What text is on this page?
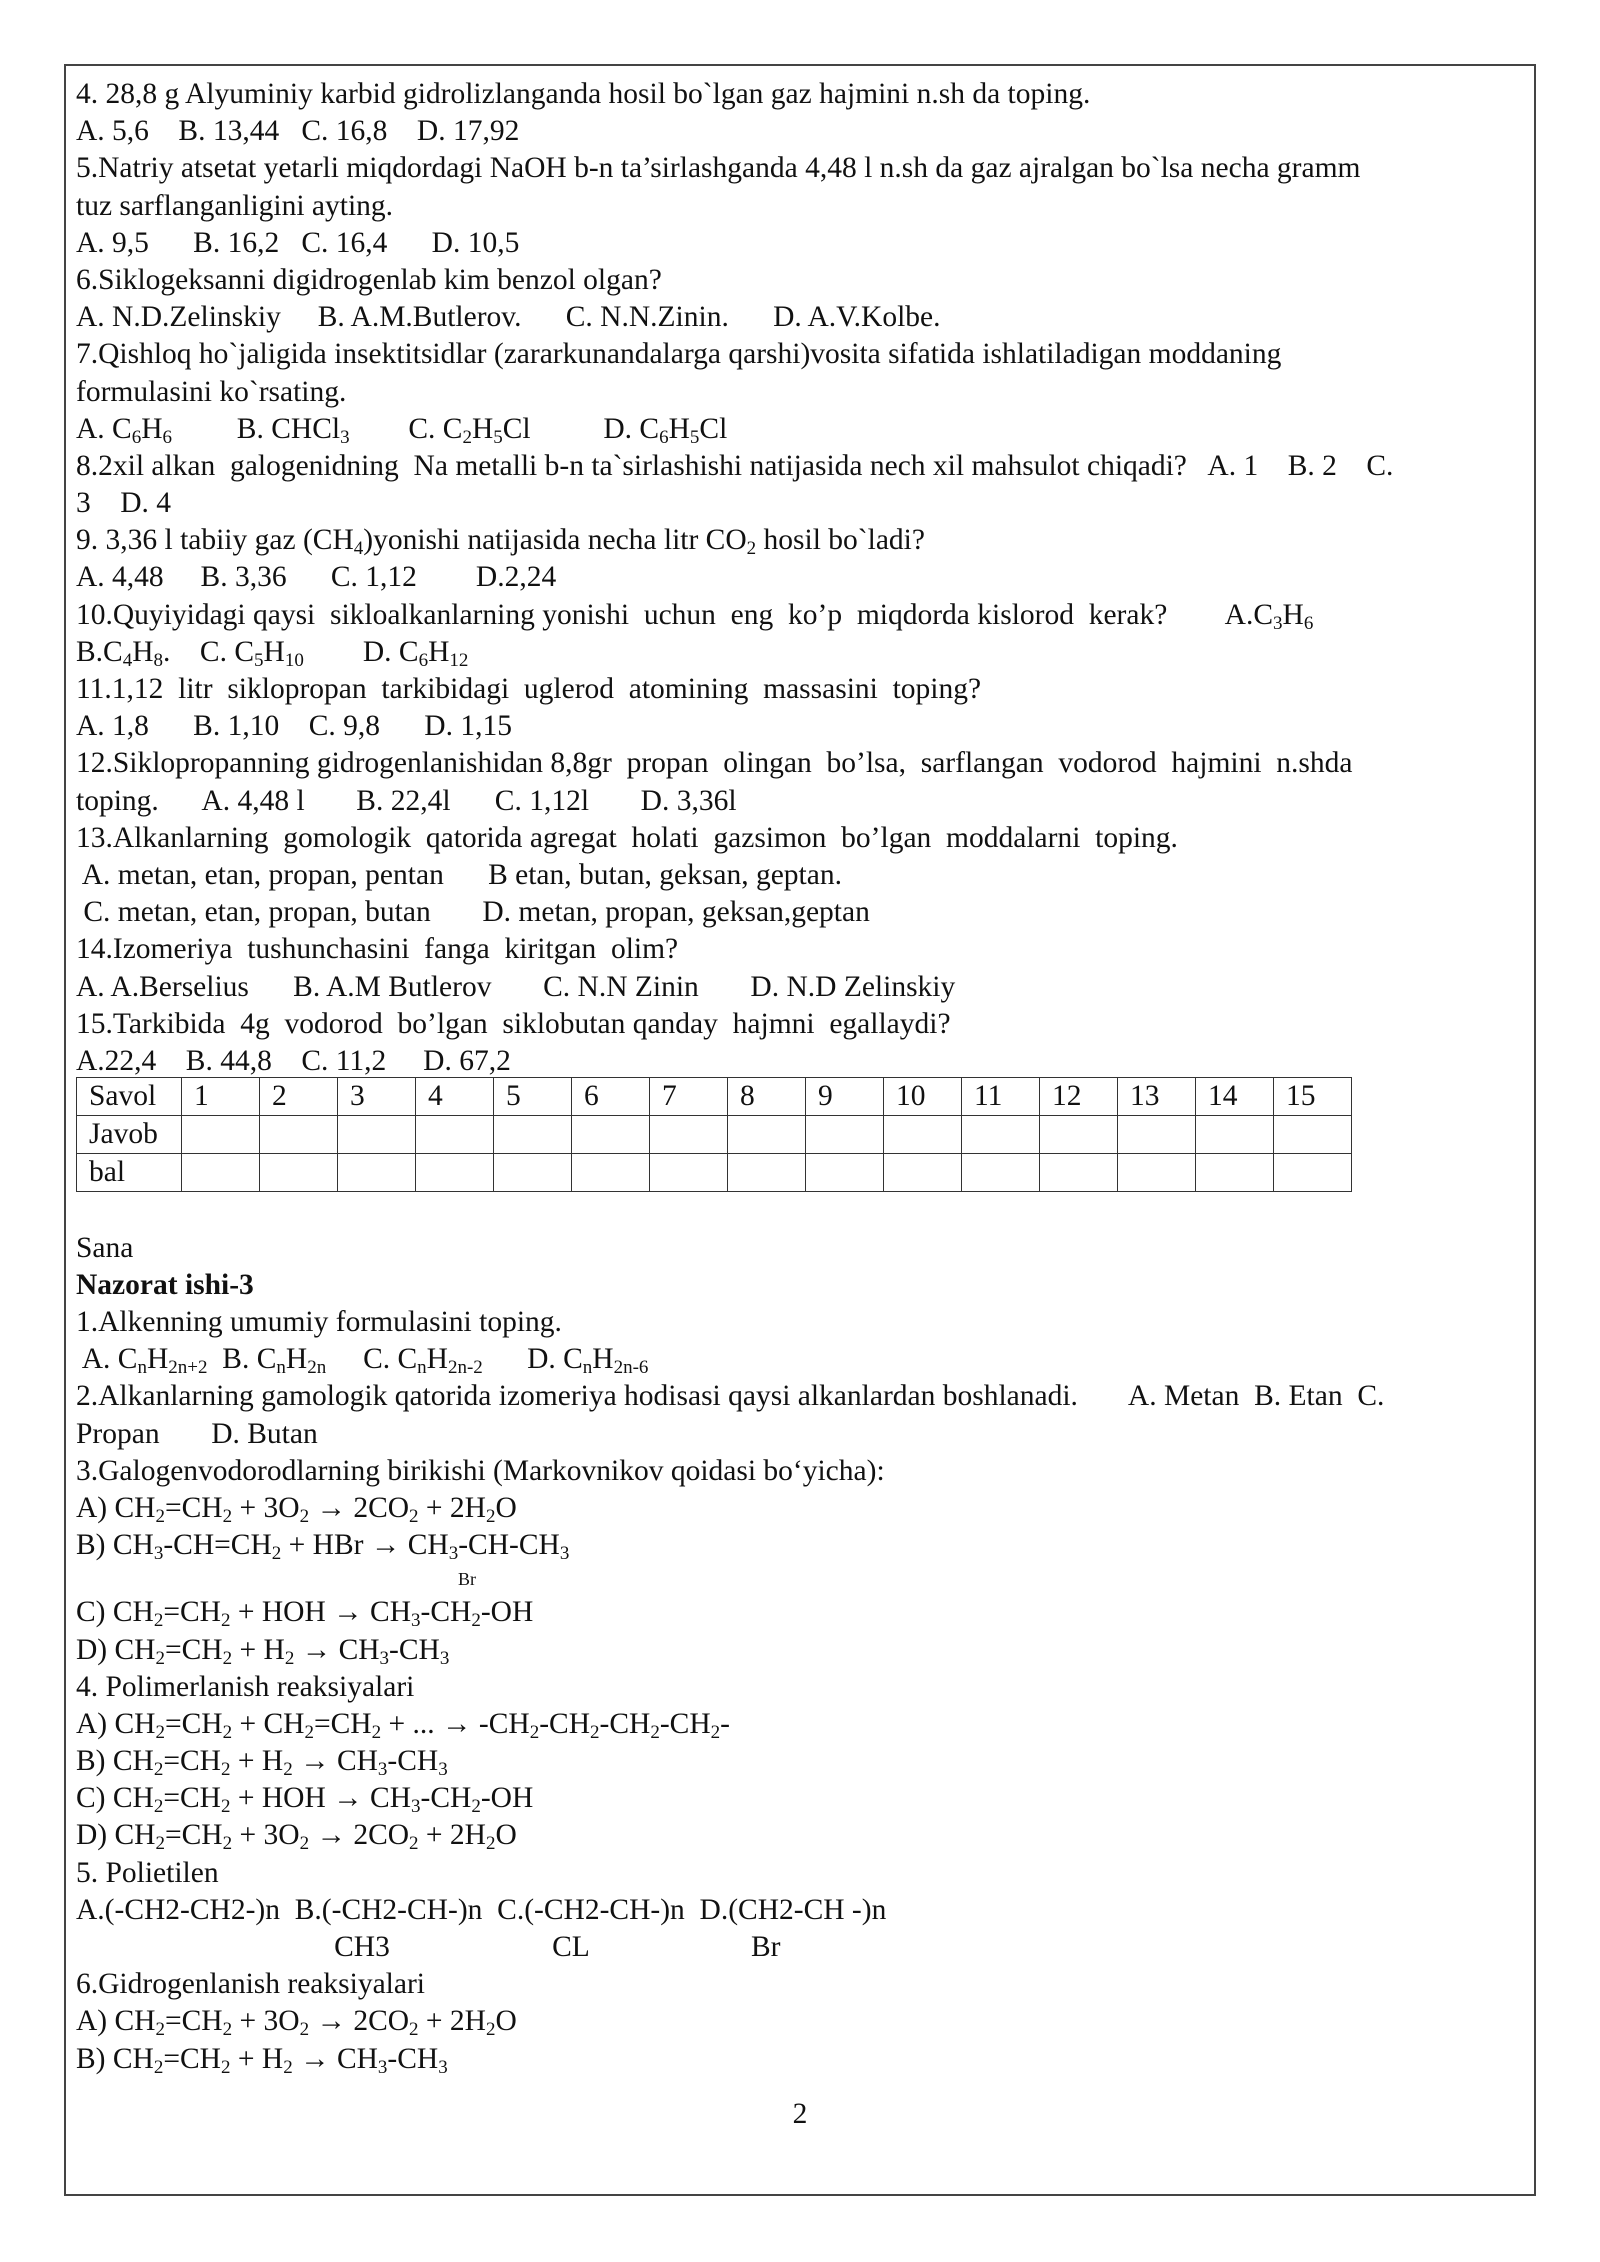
4. 28,8 g Alyuminiy karbid gidrolizlanganda hosil bo`lgan gaz hajmini n.sh da toping.
A. 5,6    B. 13,44   C. 16,8    D. 17,92
5.Natriy atsetat yetarli miqdordagi NaOH b-n ta’sirlashganda 4,48 l n.sh da gaz ajralgan bo`lsa necha gramm
tuz sarflanganligini ayting.
A. 9,5      B. 16,2   C. 16,4      D. 10,5
6.Siklogeksanni digidrogenlab kim benzol olgan?
A. N.D.Zelinskiy     B. A.M.Butlerov.      C. N.N.Zinin.      D. A.V.Kolbe.
7.Qishloq ho`jaligida insektitsidlar (zararkunandalarga qarshi)vosita sifatida ishlatiladigan moddaning
formulasini ko`rsating.
A. $C_6H_6$ B. CHCl$_3$ C. $C_2H_5Cl$ D. $C_6H_5Cl$
8.2xil alkan  galogenidning  Na metalli b-n ta`sirlashishi natijasida nech xil mahsulot chiqadi?   A. 1    B. 2    C.
3    D. 4
9. 3,36 l tabiiy gaz $(CH_4)yonishi$ natijasida necha litr $CO_2$ hosil bo`ladi?
A. 4,48     B. 3,36      C. 1,12        D.2,24
10.Quyiyidagi qaysi  sikloalkanlarning yonishi  uchun  eng  ko’p  miqdorda kislorod  kerak?        $A.C_3H_6$
$B.C_4H_8$. C. $C_5H_{10}$ D. $C_6H_{12}$
11.1,12  litr  siklopropan  tarkibidagi  uglerod  atomining  massasini  toping?
A. 1,8      B. 1,10    C. 9,8      D. 1,15
12.Siklopropanning gidrogenlanishidan 8,8gr  propan  olingan  bo’lsa,  sarflangan  vodorod  hajmini  n.shda
toping.      A. 4,48 l       B. 22,4l      C. 1,12l       D. 3,36l
13.Alkanlarning  gomologik  qatorida agregat  holati  gazsimon  bo’lgan  moddalarni  toping.
A. metan, etan, propan, pentan      B etan, butan, geksan, geptan.
C. metan, etan, propan, butan       D. metan, propan, geksan,geptan
14.Izomeriya  tushunchasini  fanga  kiritgan  olim?
A. A.Berselius      B. A.M Butlerov       C. N.N Zinin       D. N.D Zelinskiy
15.Tarkibida  4g  vodorod  bo’lgan  siklobutan qanday  hajmni  egallaydi?
A.22,4    B. 44,8    C. 11,2     D. 67,2
Savol	1	2	3	4	5	6	7	8	9	10	11	12	13	14	15
Javob															
bal															
Sana
Nazorat ishi-3
1.Alkenning umumiy formulasini toping.
A. $C_nH_{2n+2}$  B. $C_nH_{2n}$     C. $C_nH_{2n-2}$      D. $C_nH_{2n-6}$
2.Alkanlarning gamologik qatorida izomeriya hodisasi qaysi alkanlardan boshlanadi.       A. Metan  B. Etan  C.
Propan       D. Butan
3.Galogenvodorodlarning birikishi (Markovnikov qoidasi bo‘yicha):
A) $CH_2=CH_2 + 3O_2 \to 2CO_2 + 2H_2O$
B) $CH_3-CH=CH_2$ + HBr → $CH_3-CH-CH_3$
Br
C) $CH_2=CH_2$ + HOH → $CH_3-CH_2-OH$
D) $CH_2=CH_2 + H_2 \to CH_3-CH_3$
4. Polimerlanish reaksiyalari
A) $CH_2=CH_2 + CH_2=CH_2$ + ... → $-CH_2-CH_2-CH_2-CH_2-$
B) $CH_2=CH_2 + H_2 \to CH_3-CH_3$
C) $CH_2=CH_2$ + HOH → $CH_3-CH_2-OH$
D) $CH_2=CH_2 + 3O_2 \to 2CO_2 + 2H_2O$
5. Polietilen
A.(-CH2-CH2-)n  B.(-CH2-CH-)n  C.(-CH2-CH-)n  D.(CH2-CH -)n
CH3                      CL                      Br
6.Gidrogenlanish reaksiyalari
A) $CH_2=CH_2 + 3O_2 \to 2CO_2 + 2H_2O$
B) $CH_2=CH_2 + H_2 \to CH_3-CH_3$
2
